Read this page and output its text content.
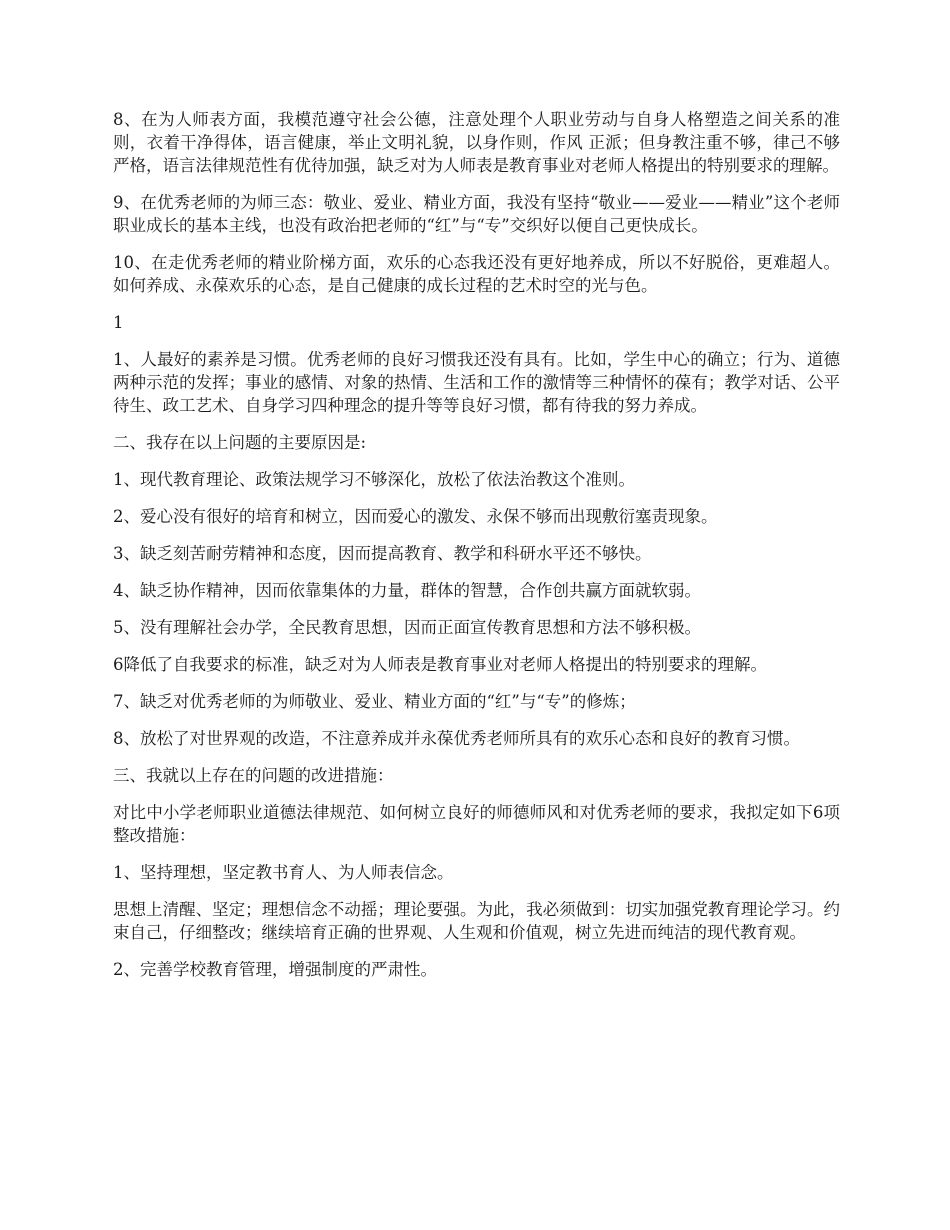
8、在为人师表方面，我模范遵守社会公德，注意处理个人职业劳动与自身人格塑造之间关系的准则，衣着干净得体，语言健康，举止文明礼貌，以身作则，作风 正派；但身教注重不够，律己不够严格，语言法律规范性有优待加强，缺乏对为人师表是教育事业对老师人格提出的特别要求的理解。

9、在优秀老师的为师三态：敬业、爱业、精业方面，我没有坚持“敬业——爱业——精业”这个老师职业成长的基本主线，也没有政治把老师的“红”与“专”交织好以便自己更快成长。

10、在走优秀老师的精业阶梯方面，欢乐的心态我还没有更好地养成，所以不好脱俗，更难超人。如何养成、永葆欢乐的心态，是自己健康的成长过程的艺术时空的光与色。

1

1、人最好的素养是习惯。优秀老师的良好习惯我还没有具有。比如，学生中心的确立；行为、道德两种示范的发挥；事业的感情、对象的热情、生活和工作的激情等三种情怀的葆有；教学对话、公平待生、政工艺术、自身学习四种理念的提升等等良好习惯，都有待我的努力养成。

二、我存在以上问题的主要原因是:

1、现代教育理论、政策法规学习不够深化，放松了依法治教这个准则。

2、爱心没有很好的培育和树立，因而爱心的激发、永保不够而出现敷衍塞责现象。

3、缺乏刻苦耐劳精神和态度，因而提高教育、教学和科研水平还不够快。

4、缺乏协作精神，因而依靠集体的力量，群体的智慧，合作创共赢方面就软弱。

5、没有理解社会办学，全民教育思想，因而正面宣传教育思想和方法不够积极。

6降低了自我要求的标准，缺乏对为人师表是教育事业对老师人格提出的特别要求的理解。

7、缺乏对优秀老师的为师敬业、爱业、精业方面的“红”与“专”的修炼；

8、放松了对世界观的改造，不注意养成并永葆优秀老师所具有的欢乐心态和良好的教育习惯。

三、我就以上存在的问题的改进措施：

对比中小学老师职业道德法律规范、如何树立良好的师德师风和对优秀老师的要求，我拟定如下6项整改措施：

1、坚持理想，坚定教书育人、为人师表信念。

思想上清醒、坚定；理想信念不动摇；理论要强。为此，我必须做到：切实加强党教育理论学习。约束自己，仔细整改；继续培育正确的世界观、人生观和价值观，树立先进而纯洁的现代教育观。

2、完善学校教育管理，增强制度的严肃性。
